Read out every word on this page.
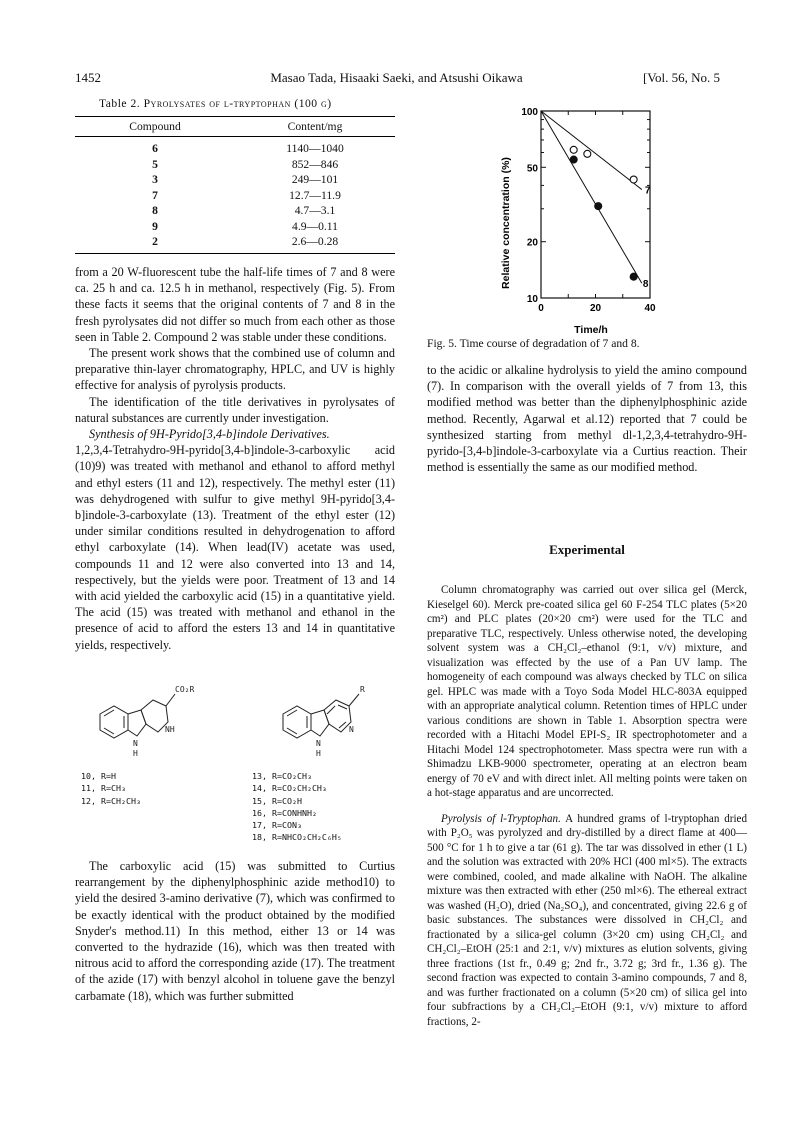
1452	Masao Tada, Hisaaki Saeki, and Atsushi Oikawa	[Vol. 56, No. 5
Table 2. Pyrolysates of l-tryptophan (100 g)
Compound	Content/mg
6	1140—1040
5	852—846
3	249—101
7	12.7—11.9
8	4.7—3.1
9	4.9—0.11
2	2.6—0.28

from a 20 W-fluorescent tube the half-life times of 7 and 8 were ca. 25 h and ca. 12.5 h in methanol, respectively (Fig. 5). From these facts it seems that the original contents of 7 and 8 in the fresh pyrolysates did not differ so much from each other as those seen in Table 2. Compound 2 was stable under these conditions.

The present work shows that the combined use of column and preparative thin-layer chromatography, HPLC, and UV is highly effective for analysis of pyrolysis products.

The identification of the title derivatives in pyrolysates of natural substances are currently under investigation.

Synthesis of 9H-Pyrido[3,4-b]indole Derivatives.

1,2,3,4-Tetrahydro-9H-pyrido[3,4-b]indole-3-carboxylic acid (10)9) was treated with methanol and ethanol to afford methyl and ethyl esters (11 and 12), respectively. The methyl ester (11) was dehydrogened with sulfur to give methyl 9H-pyrido[3,4-b]indole-3-carboxylate (13). Treatment of the ethyl ester (12) under similar conditions resulted in dehydrogenation to afford ethyl carboxylate (14). When lead(IV) acetate was used, compounds 11 and 12 were also converted into 13 and 14, respectively, but the yields were poor. Treatment of 13 and 14 with acid yielded the carboxylic acid (15) in a quantitative yield. The acid (15) was treated with methanol and ethanol in the presence of acid to afford the esters 13 and 14 in quantitative yields, respectively.

CO₂R
NH
N
H
R
N
N
H
10, R=H
11, R=CH₃
12, R=CH₂CH₃
13, R=CO₂CH₃
14, R=CO₂CH₂CH₃
15, R=CO₂H
16, R=CONHNH₂
17, R=CON₃
18, R=NHCO₂CH₂C₆H₅

The carboxylic acid (15) was submitted to Curtius rearrangement by the diphenylphosphinic azide method10) to yield the desired 3-amino derivative (7), which was confirmed to be exactly identical with the product obtained by the modified Snyder's method.11) In this method, either 13 or 14 was converted to the hydrazide (16), which was then treated with nitrous acid to afford the corresponding azide (17). The treatment of the azide (17) with benzyl alcohol in toluene gave the benzyl carbamate (18), which was further submitted

Relative concentration (%)
Time/h
100
50
20
10
0	20	40
7
8
Fig. 5. Time course of degradation of 7 and 8.

to the acidic or alkaline hydrolysis to yield the amino compound (7). In comparison with the overall yields of 7 from 13, this modified method was better than the diphenylphosphinic azide method. Recently, Agarwal et al.12) reported that 7 could be synthesized starting from methyl dl-1,2,3,4-tetrahydro-9H-pyrido-[3,4-b]indole-3-carboxylate via a Curtius reaction. Their method is essentially the same as our modified method.

Experimental

Column chromatography was carried out over silica gel (Merck, Kieselgel 60). Merck pre-coated silica gel 60 F-254 TLC plates (5×20 cm²) and PLC plates (20×20 cm²) were used for the TLC and preparative TLC, respectively. Unless otherwise noted, the developing solvent system was a CH₂Cl₂–ethanol (9:1, v/v) mixture, and visualization was effected by the use of a Pan UV lamp. The homogeneity of each compound was always checked by TLC on silica gel. HPLC was made with a Toyo Soda Model HLC-803A equipped with an appropriate analytical column. Retention times of HPLC under various conditions are shown in Table 1. Absorption spectra were recorded with a Hitachi Model EPI-S₂ IR spectrophotometer and a Hitachi Model 124 spectrophotometer. Mass spectra were run with a Shimadzu LKB-9000 spectrometer, operating at an electron beam energy of 70 eV and with direct inlet. All melting points were taken on a hot-stage apparatus and are uncorrected.

Pyrolysis of l-Tryptophan. A hundred grams of l-tryptophan dried with P₂O₅ was pyrolyzed and dry-distilled by a direct flame at 400—500 °C for 1 h to give a tar (61 g). The tar was dissolved in ether (1 L) and the solution was extracted with 20% HCl (400 ml×5). The extracts were combined, cooled, and made alkaline with NaOH. The alkaline mixture was then extracted with ether (250 ml×6). The ethereal extract was washed (H₂O), dried (Na₂SO₄), and concentrated, giving 22.6 g of basic substances. The substances were dissolved in CH₂Cl₂ and fractionated by a silica-gel column (3×20 cm) using CH₂Cl₂ and CH₂Cl₂–EtOH (25:1 and 2:1, v/v) mixtures as elution solvents, giving three fractions (1st fr., 0.49 g; 2nd fr., 3.72 g; 3rd fr., 1.36 g). The second fraction was expected to contain 3-amino compounds, 7 and 8, and was further fractionated on a column (5×20 cm) of silica gel into four subfractions by a CH₂Cl₂–EtOH (9:1, v/v) mixture to afford fractions, 2-
